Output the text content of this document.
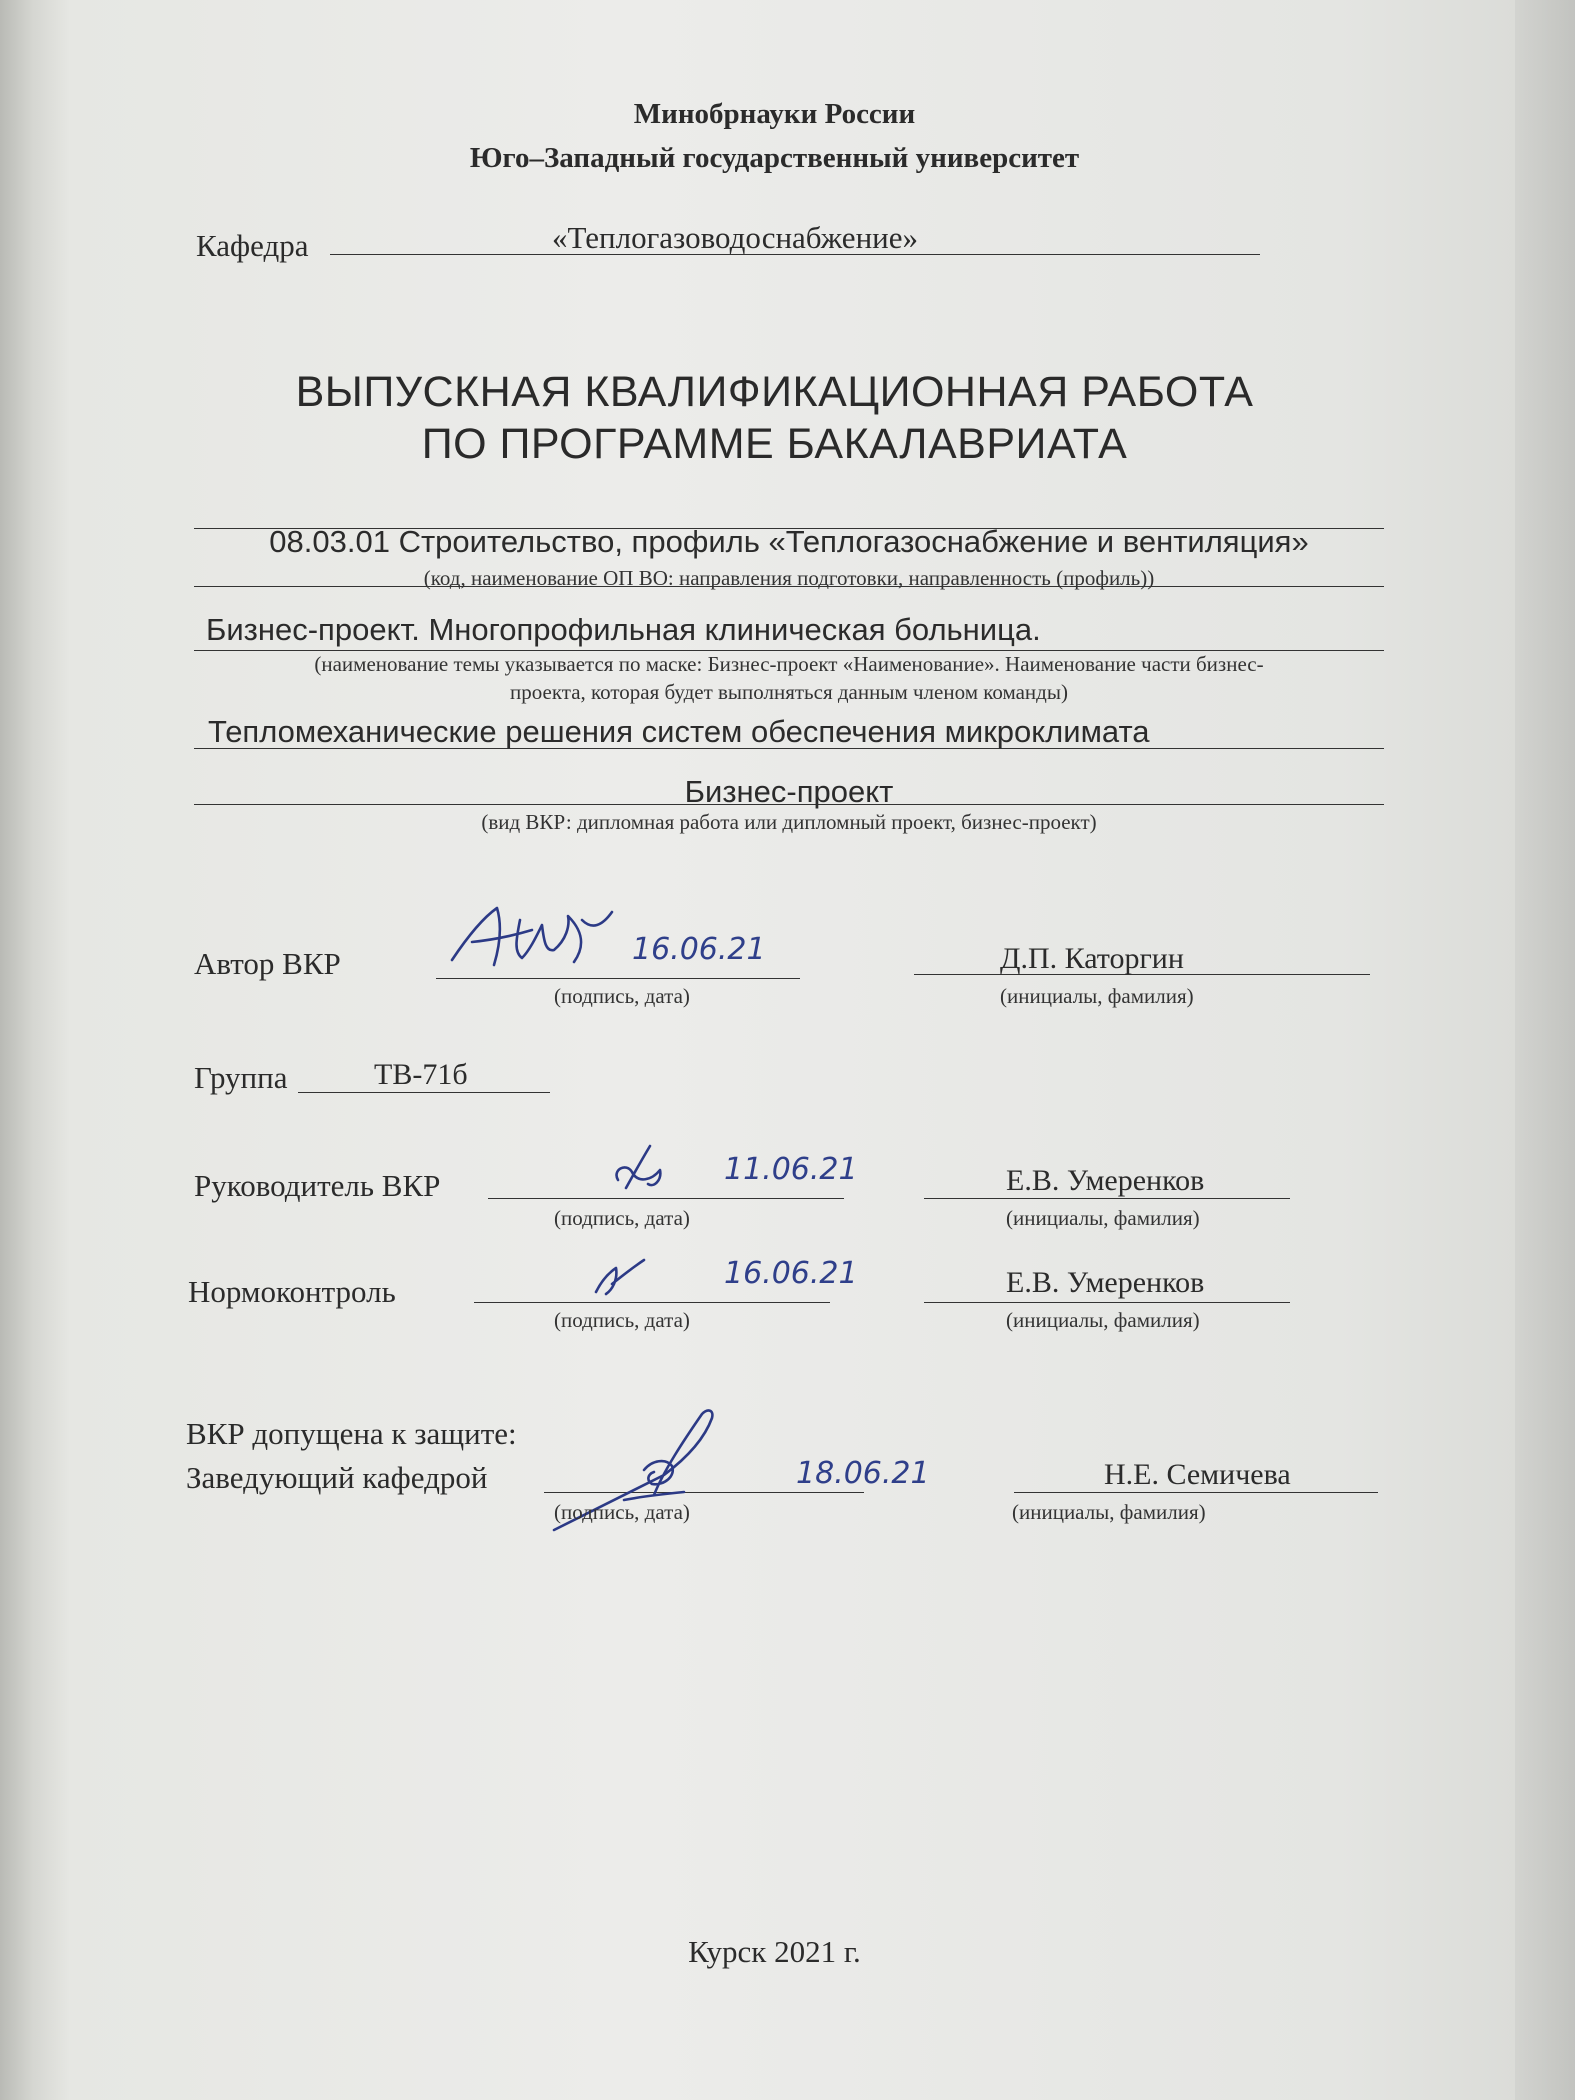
Минобрнауки России
Юго–Западный государственный университет
Кафедра	«Теплогазоводоснабжение»
ВЫПУСКНАЯ КВАЛИФИКАЦИОННАЯ РАБОТА
ПО ПРОГРАММЕ БАКАЛАВРИАТА
08.03.01 Строительство, профиль «Теплогазоснабжение и вентиляция»
(код, наименование ОП ВО: направления подготовки, направленность (профиль))
Бизнес-проект. Многопрофильная клиническая больница.
(наименование темы указывается по маске: Бизнес-проект «Наименование». Наименование части бизнес-
проекта, которая будет выполняться данным членом команды)
Тепломеханические решения систем обеспечения микроклимата
Бизнес-проект
(вид ВКР: дипломная работа или дипломный проект, бизнес-проект)
Автор ВКР	16.06.21
(подпись, дата)
Д.П. Каторгин
(инициалы, фамилия)
Группа	ТВ-71б
Руководитель ВКР	11.06.21
(подпись, дата)
Е.В. Умеренков
(инициалы, фамилия)
Нормоконтроль
16.06.21
(подпись, дата)
Е.В. Умеренков
(инициалы, фамилия)
ВКР допущена к защите:
Заведующий кафедрой	18.06.21
(подпись, дата)
Н.Е. Семичева
(инициалы, фамилия)
Курск 2021 г.
